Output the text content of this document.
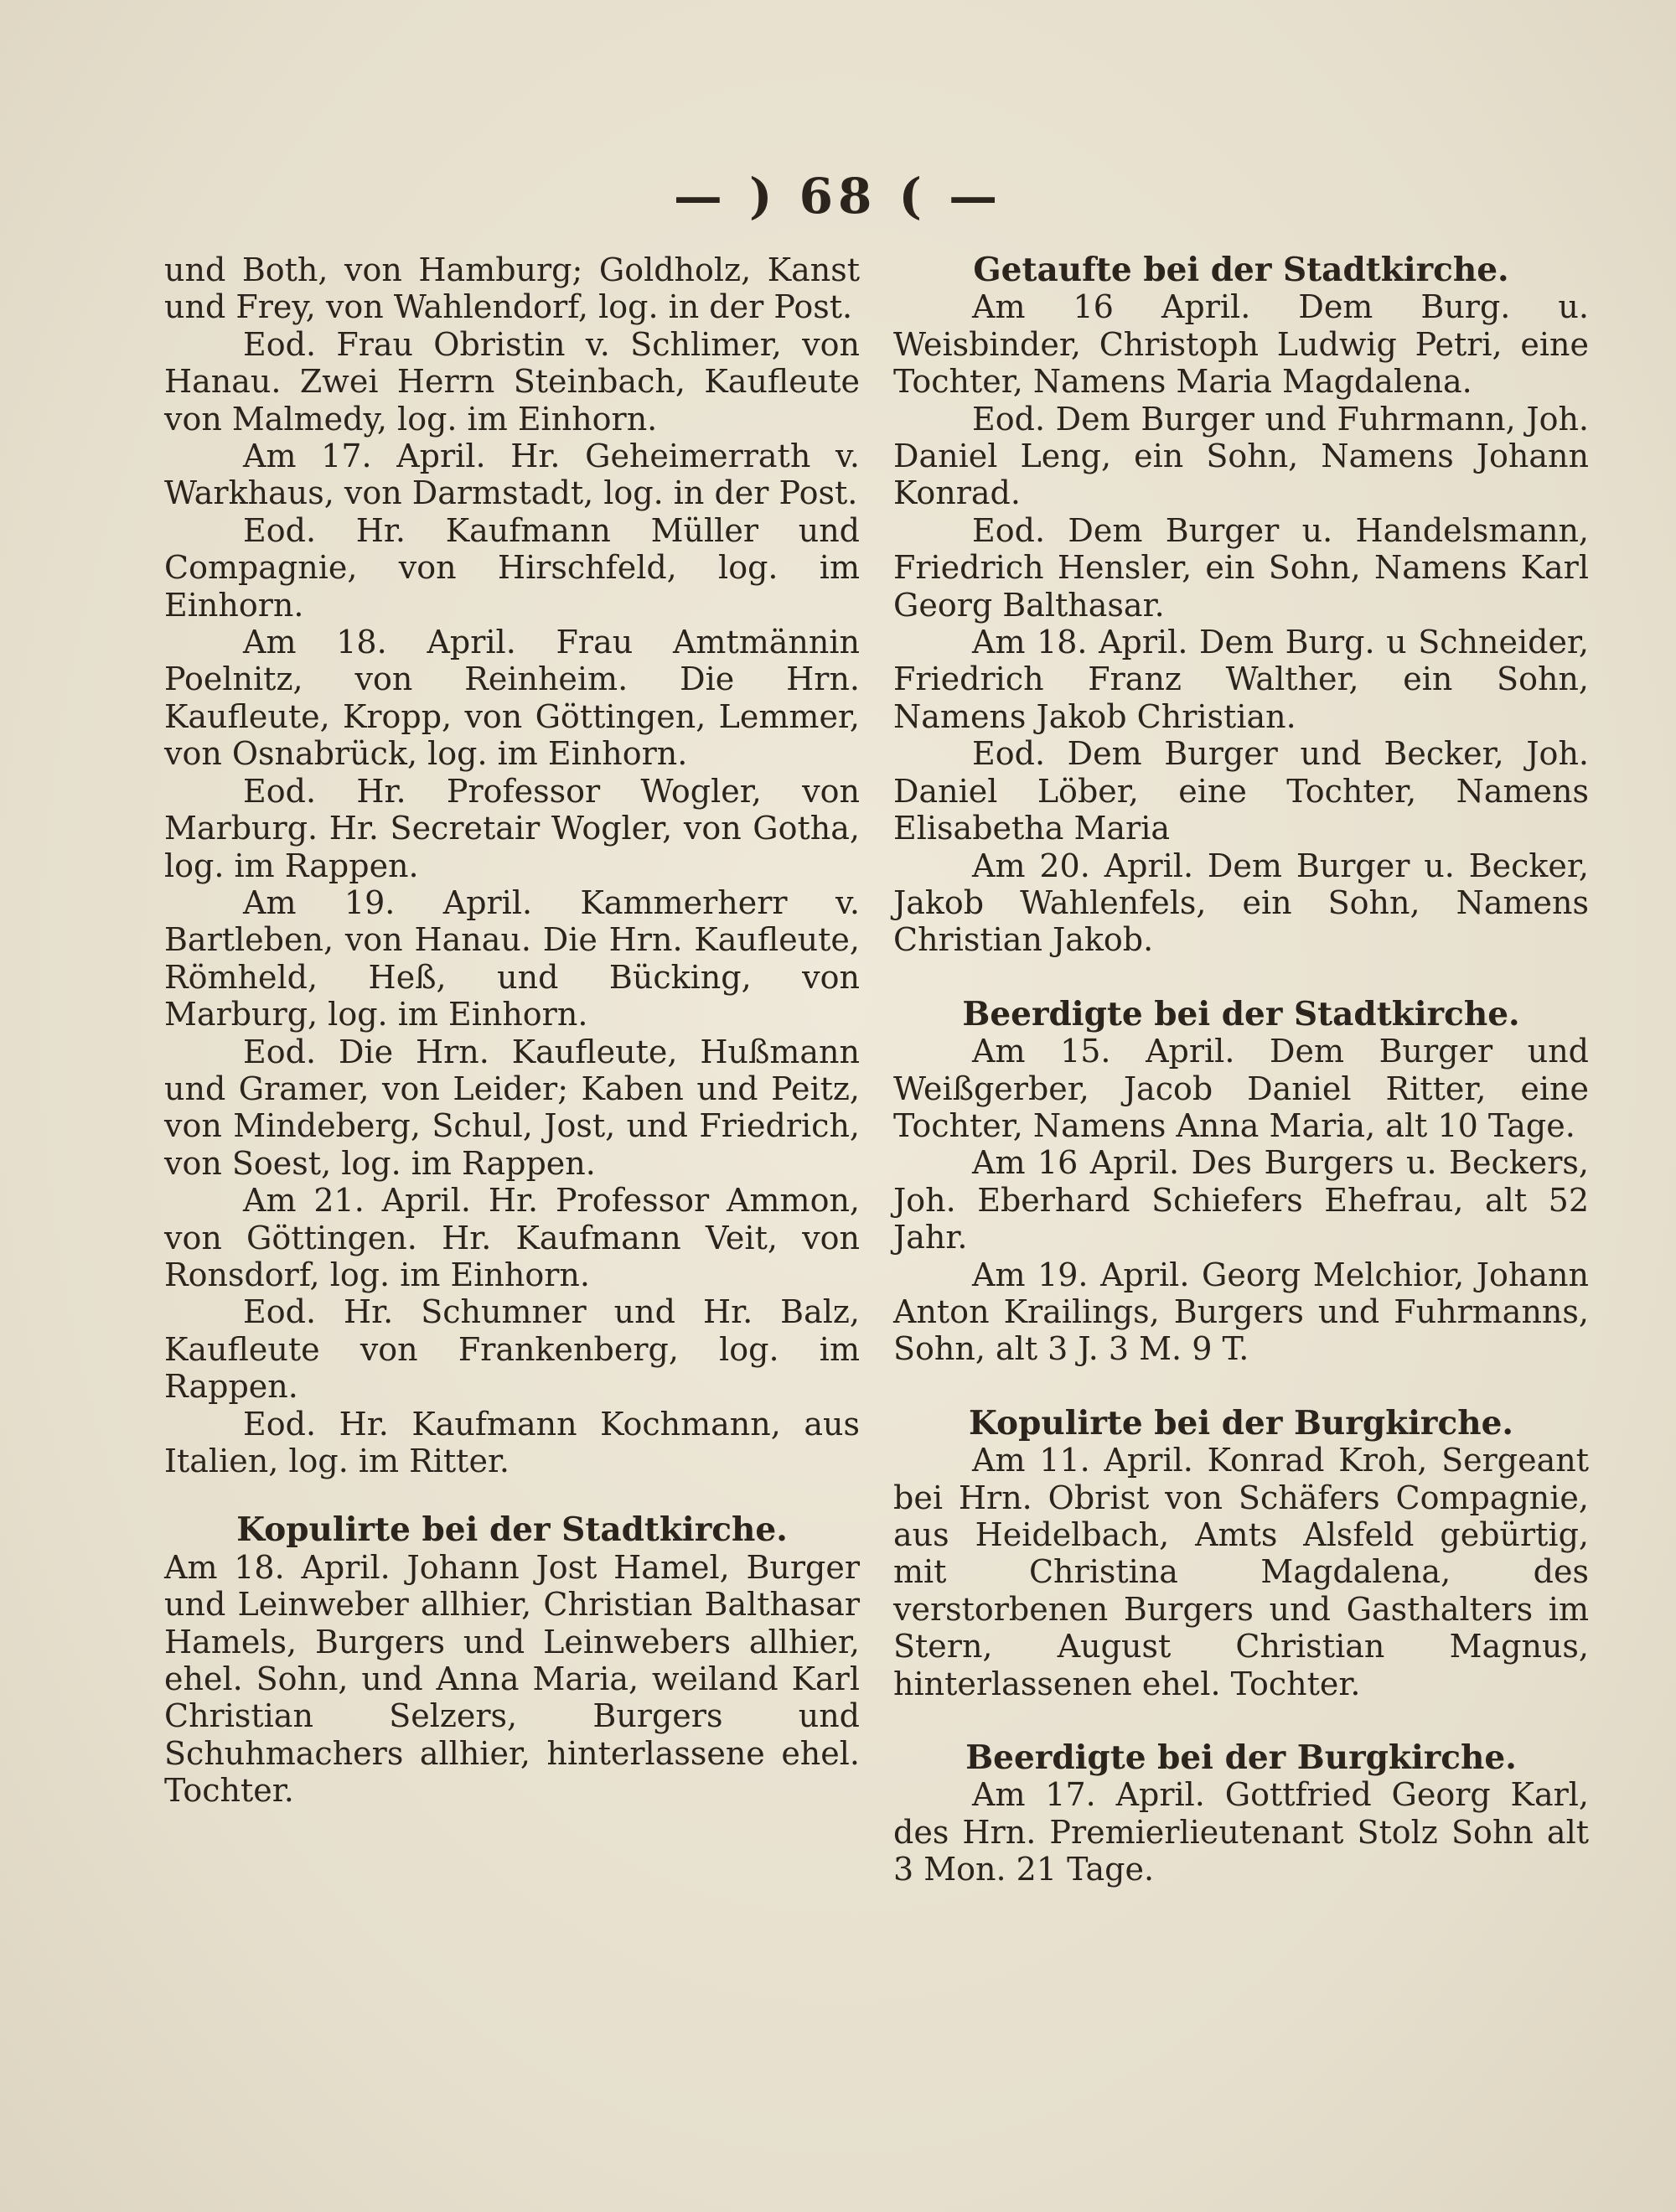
— ) 68 ( —

und Both, von Hamburg; Goldholz, Kanst und Frey, von Wahlendorf, log. in der Post.

Eod. Frau Obristin v. Schlimer, von Hanau. Zwei Herrn Steinbach, Kaufleute von Malmedy, log. im Einhorn.

Am 17. April. Hr. Geheimerrath v. Warkhaus, von Darmstadt, log. in der Post.

Eod. Hr. Kaufmann Müller und Compagnie, von Hirschfeld, log. im Einhorn.

Am 18. April. Frau Amtmännin Poelnitz, von Reinheim. Die Hrn. Kaufleute, Kropp, von Göttingen, Lemmer, von Osnabrück, log. im Einhorn.

Eod. Hr. Professor Wogler, von Marburg. Hr. Secretair Wogler, von Gotha, log. im Rappen.

Am 19. April. Kammerherr v. Bartleben, von Hanau. Die Hrn. Kaufleute, Römheld, Heß, und Bücking, von Marburg, log. im Einhorn.

Eod. Die Hrn. Kaufleute, Hußmann und Gramer, von Leider; Kaben und Peitz, von Mindeberg, Schul, Jost, und Friedrich, von Soest, log. im Rappen.

Am 21. April. Hr. Professor Ammon, von Göttingen. Hr. Kaufmann Veit, von Ronsdorf, log. im Einhorn.

Eod. Hr. Schumner und Hr. Balz, Kaufleute von Frankenberg, log. im Rappen.

Eod. Hr. Kaufmann Kochmann, aus Italien, log. im Ritter.

Kopulirte bei der Stadtkirche.

Am 18. April. Johann Jost Hamel, Burger und Leinweber allhier, Christian Balthasar Hamels, Burgers und Leinwebers allhier, ehel. Sohn, und Anna Maria, weiland Karl Christian Selzers, Burgers und Schuhmachers allhier, hinterlassene ehel. Tochter.

Getaufte bei der Stadtkirche.

Am 16 April. Dem Burg. u. Weisbinder, Christoph Ludwig Petri, eine Tochter, Namens Maria Magdalena.

Eod. Dem Burger und Fuhrmann, Joh. Daniel Leng, ein Sohn, Namens Johann Konrad.

Eod. Dem Burger u. Handelsmann, Friedrich Hensler, ein Sohn, Namens Karl Georg Balthasar.

Am 18. April. Dem Burg. u Schneider, Friedrich Franz Walther, ein Sohn, Namens Jakob Christian.

Eod. Dem Burger und Becker, Joh. Daniel Löber, eine Tochter, Namens Elisabetha Maria

Am 20. April. Dem Burger u. Becker, Jakob Wahlenfels, ein Sohn, Namens Christian Jakob.

Beerdigte bei der Stadtkirche.

Am 15. April. Dem Burger und Weißgerber, Jacob Daniel Ritter, eine Tochter, Namens Anna Maria, alt 10 Tage.

Am 16 April. Des Burgers u. Beckers, Joh. Eberhard Schiefers Ehefrau, alt 52 Jahr.

Am 19. April. Georg Melchior, Johann Anton Krailings, Burgers und Fuhrmanns, Sohn, alt 3 J. 3 M. 9 T.

Kopulirte bei der Burgkirche.

Am 11. April. Konrad Kroh, Sergeant bei Hrn. Obrist von Schäfers Compagnie, aus Heidelbach, Amts Alsfeld gebürtig, mit Christina Magdalena, des verstorbenen Burgers und Gasthalters im Stern, August Christian Magnus, hinterlassenen ehel. Tochter.

Beerdigte bei der Burgkirche.

Am 17. April. Gottfried Georg Karl, des Hrn. Premierlieutenant Stolz Sohn alt 3 Mon. 21 Tage.
